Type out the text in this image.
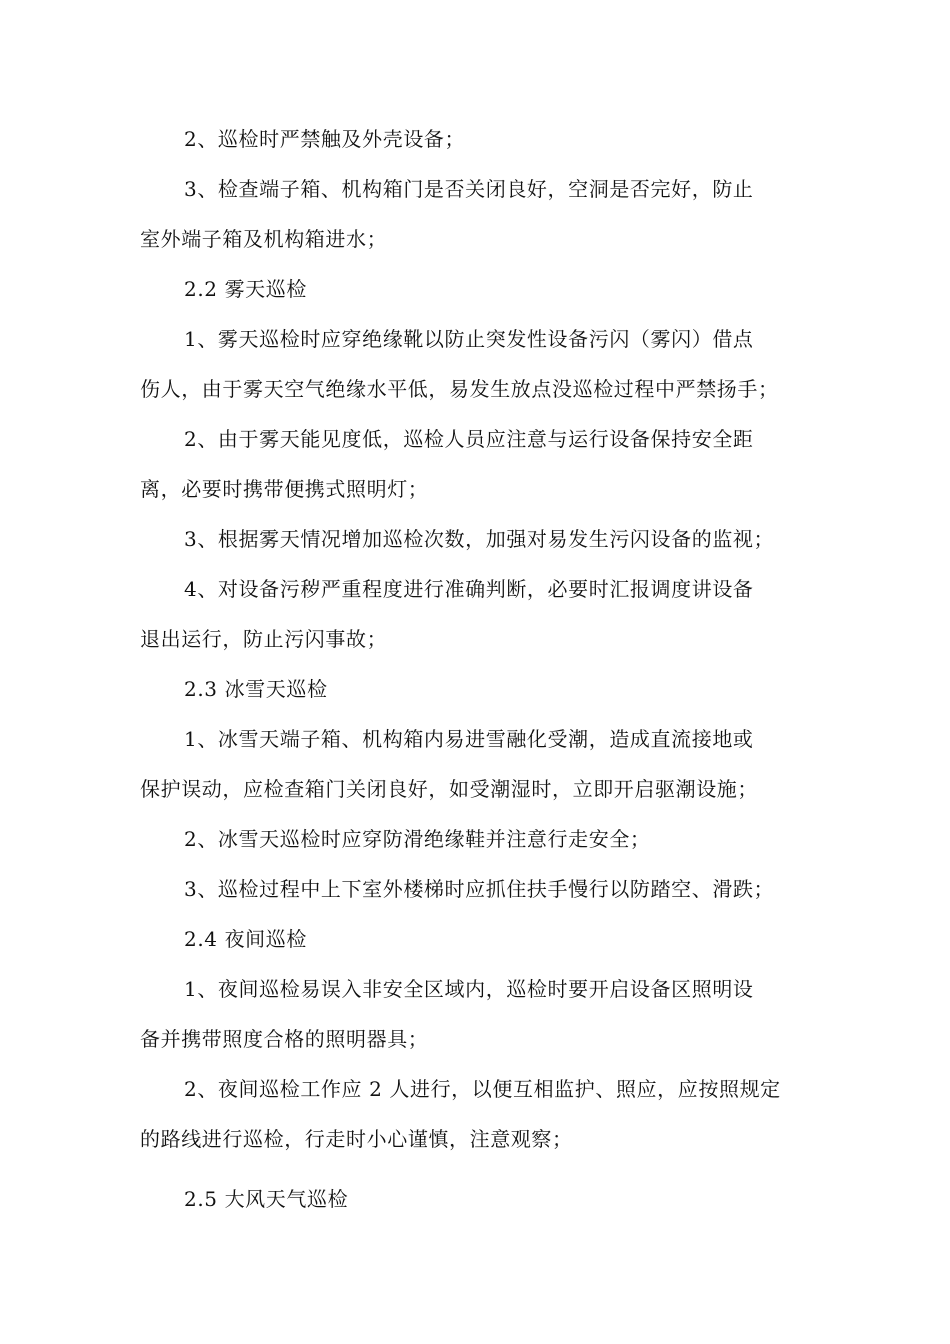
2、巡检时严禁触及外壳设备；
3、检查端子箱、机构箱门是否关闭良好，空洞是否完好，防止
室外端子箱及机构箱进水；
2.2 雾天巡检
1、雾天巡检时应穿绝缘靴以防止突发性设备污闪（雾闪）借点
伤人，由于雾天空气绝缘水平低，易发生放点没巡检过程中严禁扬手；
2、由于雾天能见度低，巡检人员应注意与运行设备保持安全距
离，必要时携带便携式照明灯；
3、根据雾天情况增加巡检次数，加强对易发生污闪设备的监视；
4、对设备污秽严重程度进行准确判断，必要时汇报调度讲设备
退出运行，防止污闪事故；
2.3 冰雪天巡检
1、冰雪天端子箱、机构箱内易进雪融化受潮，造成直流接地或
保护误动，应检查箱门关闭良好，如受潮湿时，立即开启驱潮设施；
2、冰雪天巡检时应穿防滑绝缘鞋并注意行走安全；
3、巡检过程中上下室外楼梯时应抓住扶手慢行以防踏空、滑跌；
2.4 夜间巡检
1、夜间巡检易误入非安全区域内，巡检时要开启设备区照明设
备并携带照度合格的照明器具；
2、夜间巡检工作应 2 人进行，以便互相监护、照应，应按照规定
的路线进行巡检，行走时小心谨慎，注意观察；
2.5 大风天气巡检
